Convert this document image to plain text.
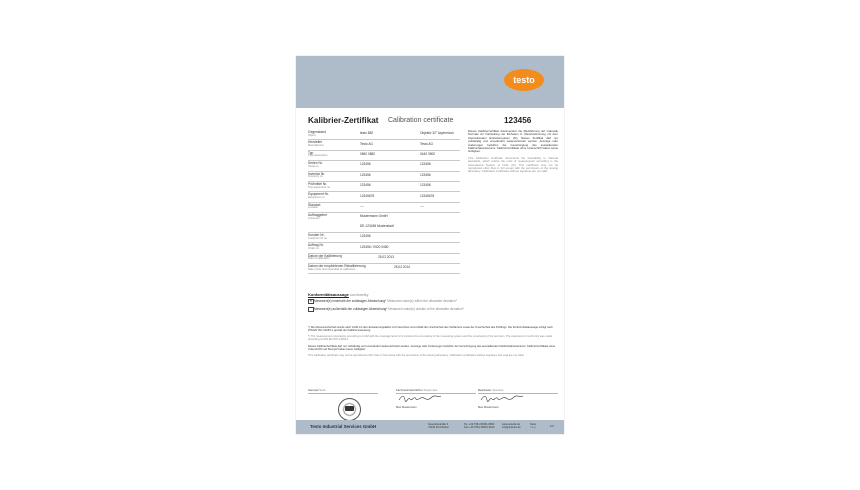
testo
Kalibrier-Zertifikat Calibration certificate	123456
Gegenstand
Object	testo 882	Objektiv 32° Asphericon
Hersteller
Manufacturer	Testo AG	Testo AG
Typ
Type description	0560 0882	0440 0900
Serien Nr.
Serial no.	123456	123456
Inventar Nr.
Inventory no.	123456	123456
Prüfmittel Nr.
Test equipment no.	123456	123456
Equipment Nr.
Equipment no.	12345678	12345678
Standort
Location	----	----
Auftraggeber
Customer	Mustermann GmbH
DE-123456 Musterstadt
Kunden Nr.
Customer ID no.	123456
Auftrag Nr.
Order no.	123456 / 0520 0480
Datum der Kalibrierung
Date of calibration	25.02.2013
Datum der empfohlenen Rekalibrierung
Date of the recommended re-calibration	25.02.2014

Dieses Kalibrierzertifikat dokumentiert die Rückführung auf nationale Normale zur Darstellung der Einheiten in Übereinstimmung mit dem Internationalen Einheitensystem (SI). Dieses Zertifikat darf nur vollständig und unverändert weiterverbreitet werden. Auszüge oder Änderungen bedürfen der Genehmigung des ausstellenden Kalibrierlaboratoriums. Kalibrierzertifikate ohne Unterschrift haben keine Gültigkeit.

This calibration certificate documents the traceability to national standards, which realize the units of measurement according to the International System of Units (SI). This certificate may not be reproduced other than in full except with the permission of the issuing laboratory. Calibration certificates without signature are not valid.

Konformitätsaussage conformity
✕ Messwert(e) innerhalb der zulässigen Abweichung* Measured value(s) within the allowable deviation*
Messwert(e) außerhalb der zulässigen Abweichung* Measured value(s) outside of the allowable deviation*

*) Die Messunsicherheit wurde nach GUM mit dem Erweiterungsfaktor k=2 berechnet und enthält die Unsicherheit des Verfahrens sowie der Unsicherheit des Prüflings. Die Konformitätsaussage erfolgt nach DIN EN ISO 14253-1 gemäß der Kalibrieranweisung.

*) The measurement uncertainty according to GUM with the coverage factor k=2 contains the uncertainty of the measuring system and the uncertainty of the test item. The statement of conformity was made according to DIN EN ISO 14253-1.

Dieses Kalibrierzertifikat darf nur vollständig und unverändert weiterverbreitet werden. Auszüge oder Änderungen bedürfen der Genehmigung des ausstellenden Kalibrierlaboratoriums. Kalibrierzertifikate ohne Unterschrift und Stempel haben keine Gültigkeit.

This calibration certificate may not be reproduced other than in full except with the permission of the issuing laboratory. Calibration certificates without signature and seal are not valid.

Stempel Seal	Fachverantwortlicher Supervisor
Max Mustermann
Bearbeiter Operator
Max Mustermann
Testo Industrial Services GmbH	Gewerbestraße 3
79199 Kirchzarten
Tel. +49 7661 90901-8000
Fax +49 7661 90901-9010
www.testotis.de
info@testotis.de
Seite
Page	1/3
